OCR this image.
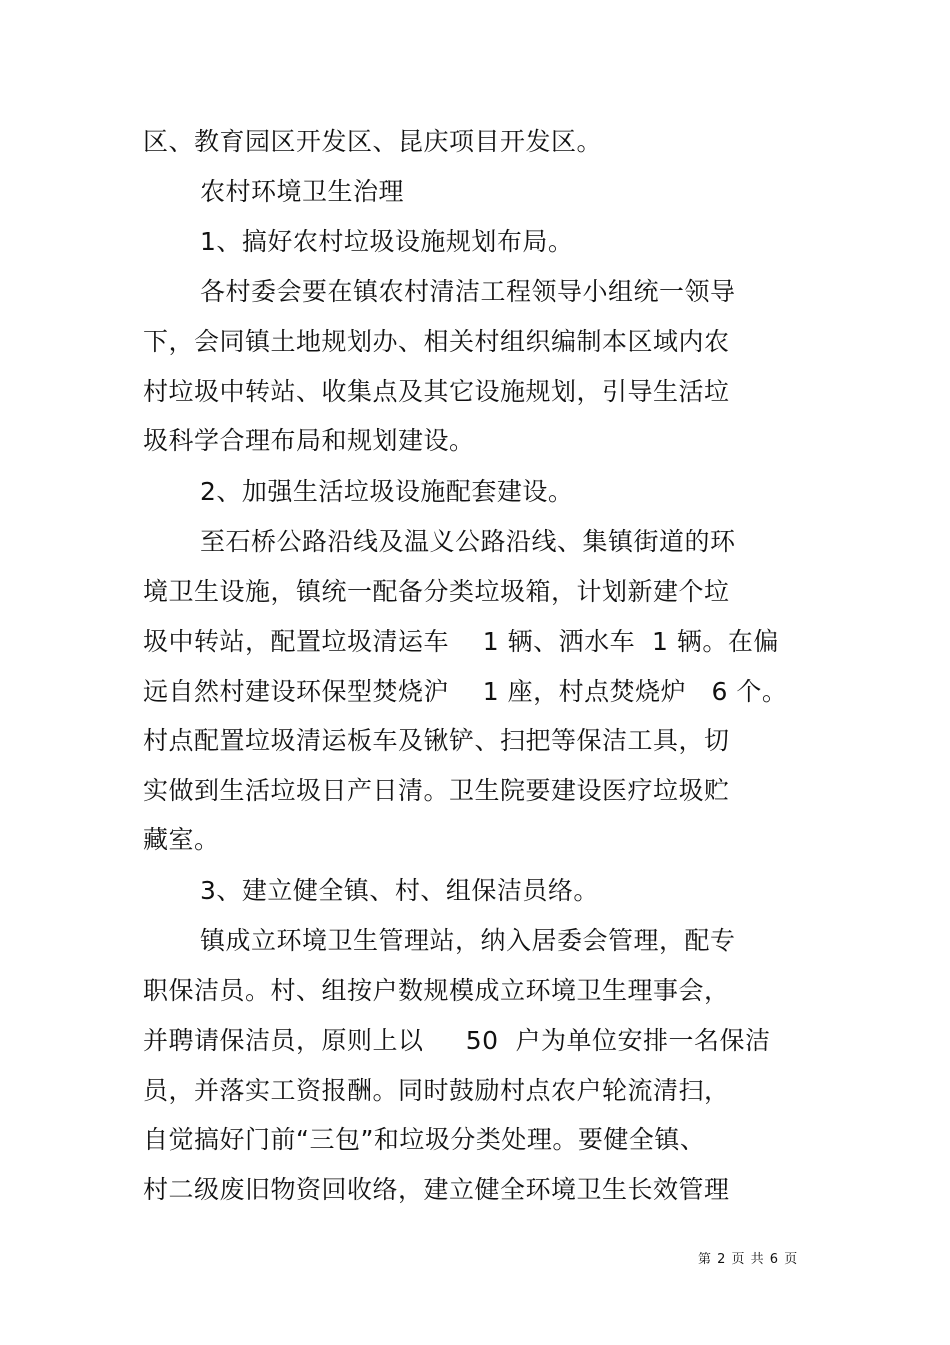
区、教育园区开发区、昆庆项目开发区。
农村环境卫生治理
1、搞好农村垃圾设施规划布局。
各村委会要在镇农村清洁工程领导小组统一领导
下，会同镇土地规划办、相关村组织编制本区域内农
村垃圾中转站、收集点及其它设施规划，引导生活垃
圾科学合理布局和规划建设。
2、加强生活垃圾设施配套建设。
至石桥公路沿线及温义公路沿线、集镇街道的环
境卫生设施，镇统一配备分类垃圾箱，计划新建个垃
圾中转站，配置垃圾清运车    1 辆、洒水车  1 辆。在偏
远自然村建设环保型焚烧沪    1 座，村点焚烧炉   6 个。
村点配置垃圾清运板车及锹铲、扫把等保洁工具，切
实做到生活垃圾日产日清。卫生院要建设医疗垃圾贮
藏室。
3、建立健全镇、村、组保洁员络。
镇成立环境卫生管理站，纳入居委会管理，配专
职保洁员。村、组按户数规模成立环境卫生理事会，
并聘请保洁员，原则上以     50  户为单位安排一名保洁
员，并落实工资报酬。同时鼓励村点农户轮流清扫，
自觉搞好门前“三包”和垃圾分类处理。要健全镇、
村二级废旧物资回收络，建立健全环境卫生长效管理
第 2 页 共 6 页
